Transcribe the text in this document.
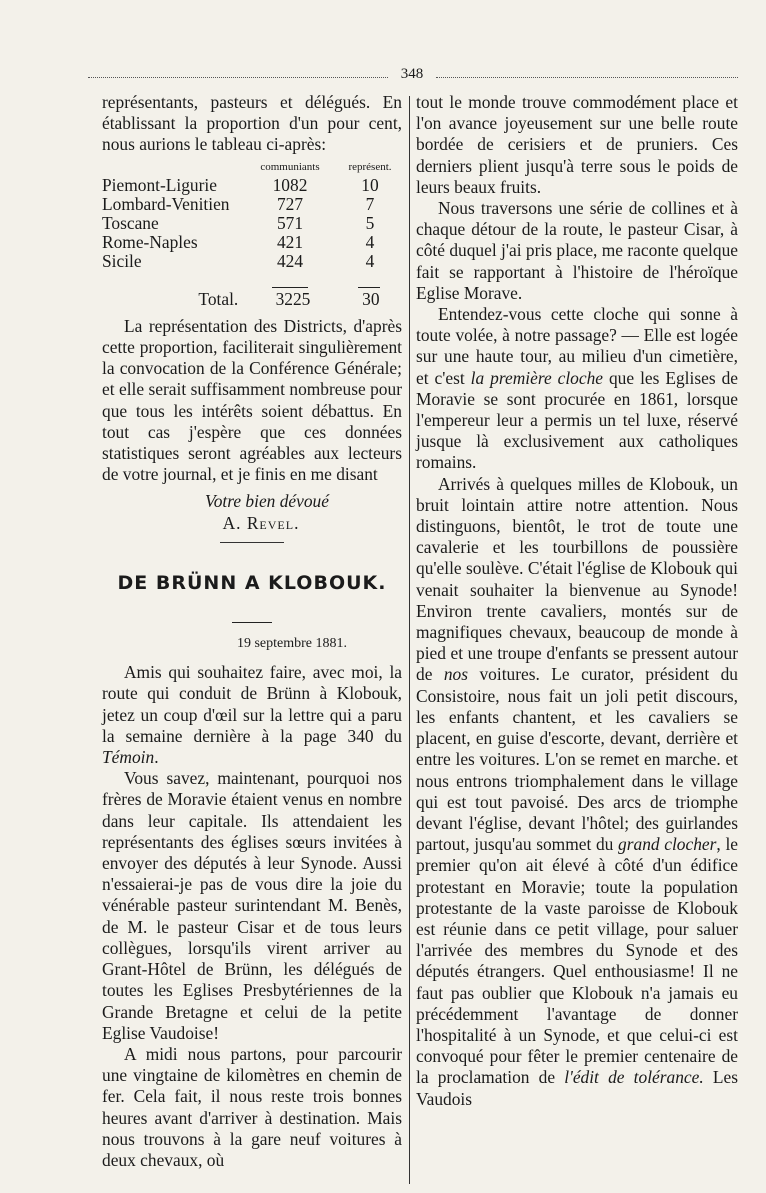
348

représentants, pasteurs et délégués. En établissant la proportion d'un pour cent, nous aurions le tableau ci-après:

communiants	représent.
Piemont-Ligurie	1082	10
Lombard-Venitien	727	7
Toscane	571	5
Rome-Naples	421	4
Sicile	424	4
Total.	3225	30

La représentation des Districts, d'après cette proportion, faciliterait singulièrement la convocation de la Conférence Générale; et elle serait suffisamment nombreuse pour que tous les intérêts soient débattus. En tout cas j'espère que ces données statistiques seront agréables aux lecteurs de votre journal, et je finis en me disant

Votre bien dévoué
A. Revel.
DE BRÜNN A KLOBOUK.
19 septembre 1881.

Amis qui souhaitez faire, avec moi, la route qui conduit de Brünn à Klobouk, jetez un coup d'œil sur la lettre qui a paru la semaine dernière à la page 340 du Témoin.

Vous savez, maintenant, pourquoi nos frères de Moravie étaient venus en nombre dans leur capitale. Ils attendaient les représentants des églises sœurs invitées à envoyer des députés à leur Synode. Aussi n'essaierai-je pas de vous dire la joie du vénérable pasteur surintendant M. Benès, de M. le pasteur Cisar et de tous leurs collègues, lorsqu'ils virent arriver au Grant-Hôtel de Brünn, les délégués de toutes les Eglises Presbytériennes de la Grande Bretagne et celui de la petite Eglise Vaudoise!

A midi nous partons, pour parcourir une vingtaine de kilomètres en chemin de fer. Cela fait, il nous reste trois bonnes heures avant d'arriver à destination. Mais nous trouvons à la gare neuf voitures à deux chevaux, où

tout le monde trouve commodément place et l'on avance joyeusement sur une belle route bordée de cerisiers et de pruniers. Ces derniers plient jusqu'à terre sous le poids de leurs beaux fruits.

Nous traversons une série de collines et à chaque détour de la route, le pasteur Cisar, à côté duquel j'ai pris place, me raconte quelque fait se rapportant à l'histoire de l'héroïque Eglise Morave.

Entendez-vous cette cloche qui sonne à toute volée, à notre passage? — Elle est logée sur une haute tour, au milieu d'un cimetière, et c'est la première cloche que les Eglises de Moravie se sont procurée en 1861, lorsque l'empereur leur a permis un tel luxe, réservé jusque là exclusivement aux catholiques romains.

Arrivés à quelques milles de Klobouk, un bruit lointain attire notre attention. Nous distinguons, bientôt, le trot de toute une cavalerie et les tourbillons de poussière qu'elle soulève. C'était l'église de Klobouk qui venait souhaiter la bienvenue au Synode! Environ trente cavaliers, montés sur de magnifiques chevaux, beaucoup de monde à pied et une troupe d'enfants se pressent autour de nos voitures. Le curator, président du Consistoire, nous fait un joli petit discours, les enfants chantent, et les cavaliers se placent, en guise d'escorte, devant, derrière et entre les voitures. L'on se remet en marche. et nous entrons triomphalement dans le village qui est tout pavoisé. Des arcs de triomphe devant l'église, devant l'hôtel; des guirlandes partout, jusqu'au sommet du grand clocher, le premier qu'on ait élevé à côté d'un édifice protestant en Moravie; toute la population protestante de la vaste paroisse de Klobouk est réunie dans ce petit village, pour saluer l'arrivée des membres du Synode et des députés étrangers. Quel enthousiasme! Il ne faut pas oublier que Klobouk n'a jamais eu précédemment l'avantage de donner l'hospitalité à un Synode, et que celui-ci est convoqué pour fêter le premier centenaire de la proclamation de l'édit de tolérance. Les Vaudois
